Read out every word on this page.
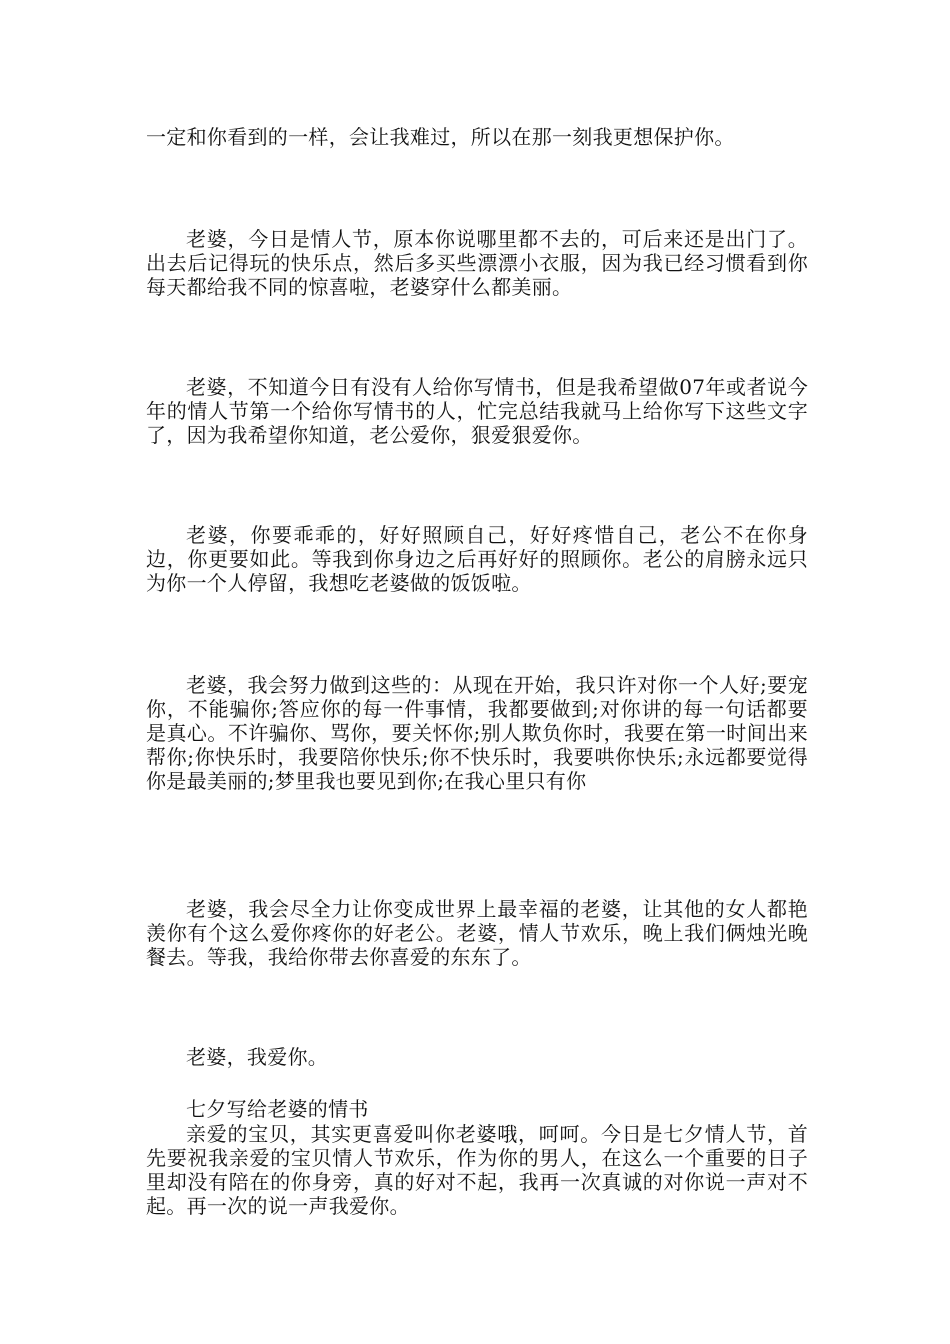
一定和你看到的一样，会让我难过，所以在那一刻我更想保护你。

老婆，今日是情人节，原本你说哪里都不去的，可后来还是出门了。出去后记得玩的快乐点，然后多买些漂漂小衣服，因为我已经习惯看到你每天都给我不同的惊喜啦，老婆穿什么都美丽。

老婆，不知道今日有没有人给你写情书，但是我希望做07年或者说今年的情人节第一个给你写情书的人，忙完总结我就马上给你写下这些文字了，因为我希望你知道，老公爱你，狠爱狠爱你。

老婆，你要乖乖的，好好照顾自己，好好疼惜自己，老公不在你身边，你更要如此。等我到你身边之后再好好的照顾你。老公的肩膀永远只为你一个人停留，我想吃老婆做的饭饭啦。

老婆，我会努力做到这些的：从现在开始，我只许对你一个人好;要宠你，不能骗你;答应你的每一件事情，我都要做到;对你讲的每一句话都要是真心。不许骗你、骂你，要关怀你;别人欺负你时，我要在第一时间出来帮你;你快乐时，我要陪你快乐;你不快乐时，我要哄你快乐;永远都要觉得你是最美丽的;梦里我也要见到你;在我心里只有你

老婆，我会尽全力让你变成世界上最幸福的老婆，让其他的女人都艳羡你有个这么爱你疼你的好老公。老婆，情人节欢乐，晚上我们俩烛光晚餐去。等我，我给你带去你喜爱的东东了。

老婆，我爱你。

七夕写给老婆的情书

亲爱的宝贝，其实更喜爱叫你老婆哦，呵呵。今日是七夕情人节，首先要祝我亲爱的宝贝情人节欢乐，作为你的男人，在这么一个重要的日子里却没有陪在的你身旁，真的好对不起，我再一次真诚的对你说一声对不起。再一次的说一声我爱你。
